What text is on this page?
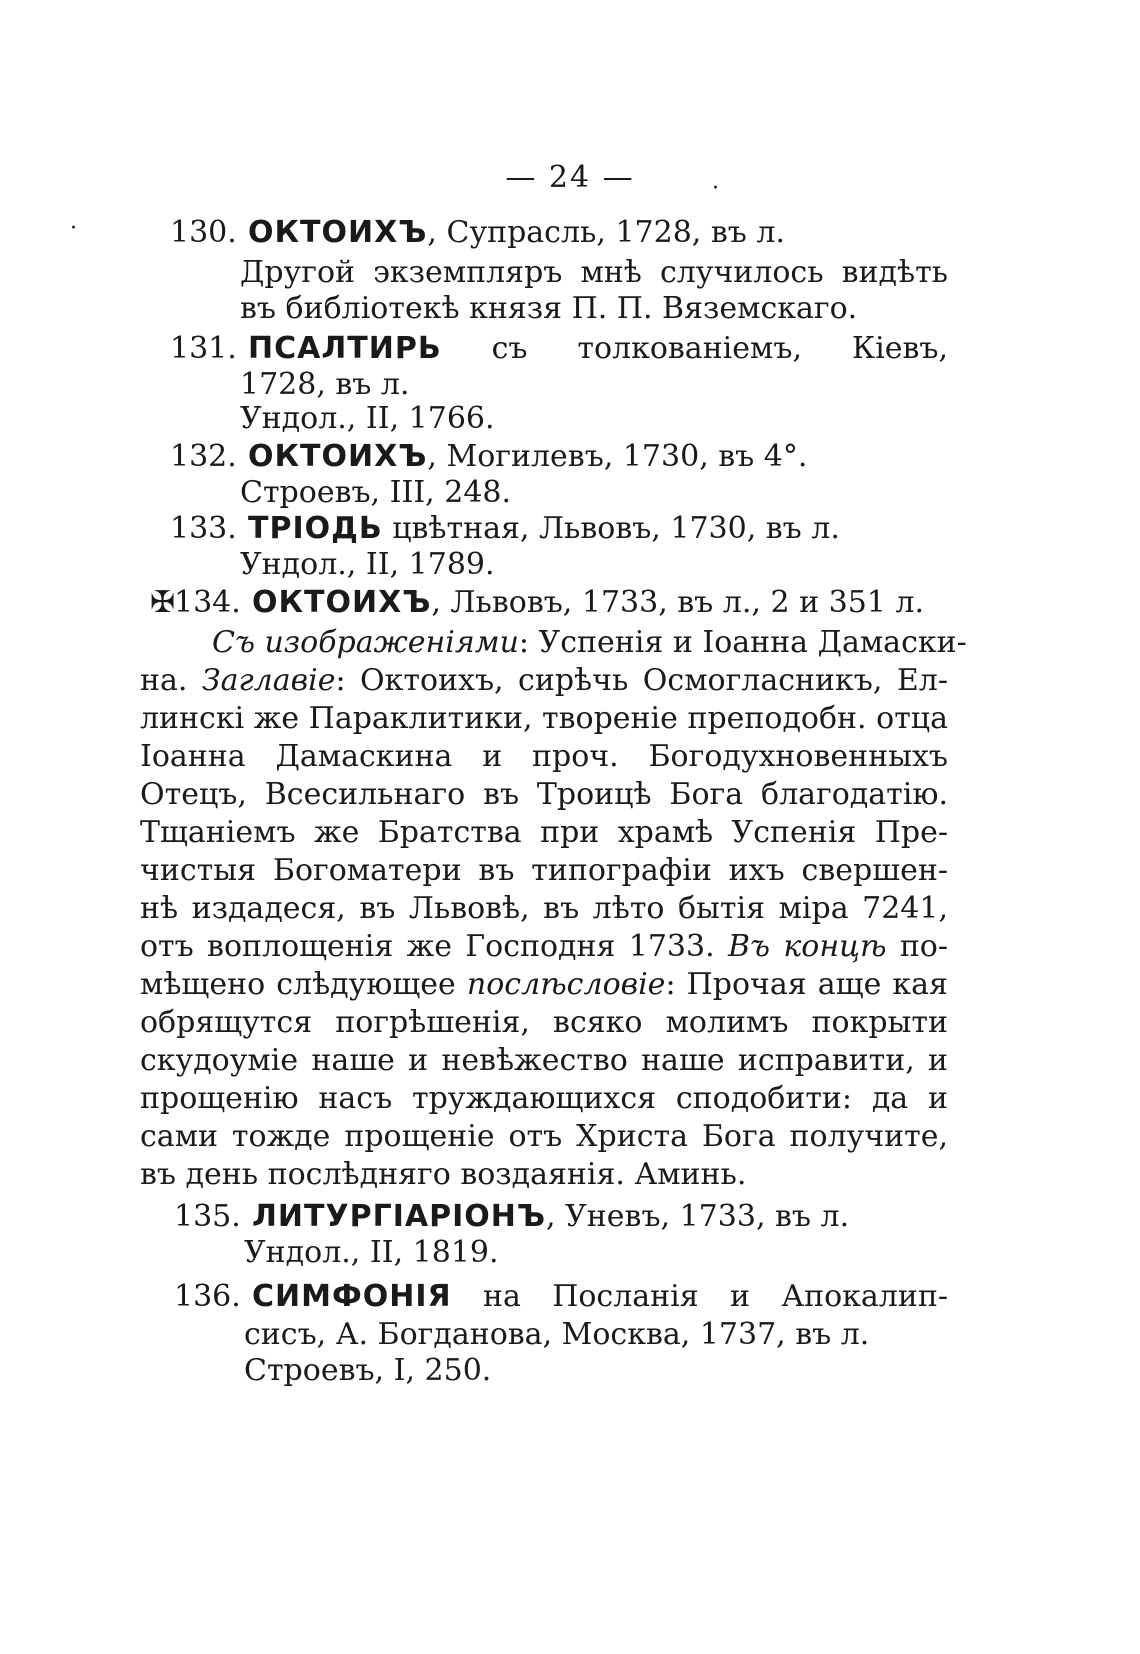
— 24 —	·
·	130. ОКТОИХЪ, Супрасль, 1728, въ л.
Другой экземпляръ мнѣ случилось видѣть
въ библіотекѣ князя П. П. Вяземскаго.
131. ПСАЛТИРЬ съ толкованіемъ, Кіевъ,
1728, въ л.
Ундол., II, 1766.
132. ОКТОИХЪ, Могилевъ, 1730, въ 4°.
Строевъ, III, 248.
133. ТРІОДЬ цвѣтная, Львовъ, 1730, въ л.
Ундол., II, 1789.
✠134. ОКТОИХЪ, Львовъ, 1733, въ л., 2 и 351 л.
Съ изображеніями: Успенія и Іоанна Дамаски-
на. Заглавіе: Октоихъ, сирѣчь Осмогласникъ, Ел-
линскі же Параклитики, твореніе преподобн. отца
Іоанна Дамаскина и проч. Богодухновенныхъ
Отецъ, Всесильнаго въ Троицѣ Бога благодатію.
Тщаніемъ же Братства при храмѣ Успенія Пре-
чистыя Богоматери въ типографіи ихъ свершен-
нѣ издадеся, въ Львовѣ, въ лѣто бытія міра 7241,
отъ воплощенія же Господня 1733. Въ концѣ по-
мѣщено слѣдующее послѣсловіе: Прочая аще кая
обрящутся погрѣшенія, всяко молимъ покрыти
скудоуміе наше и невѣжество наше исправити, и
прощенію насъ труждающихся сподобити: да и
сами тожде прощеніе отъ Христа Бога получите,
въ день послѣдняго воздаянія. Аминь.
135. ЛИТУРГІАРІОНЪ, Уневъ, 1733, въ л.
Ундол., II, 1819.
136. СИМФОНІЯ на Посланія и Апокалип-
сисъ, А. Богданова, Москва, 1737, въ л.
Строевъ, I, 250.
